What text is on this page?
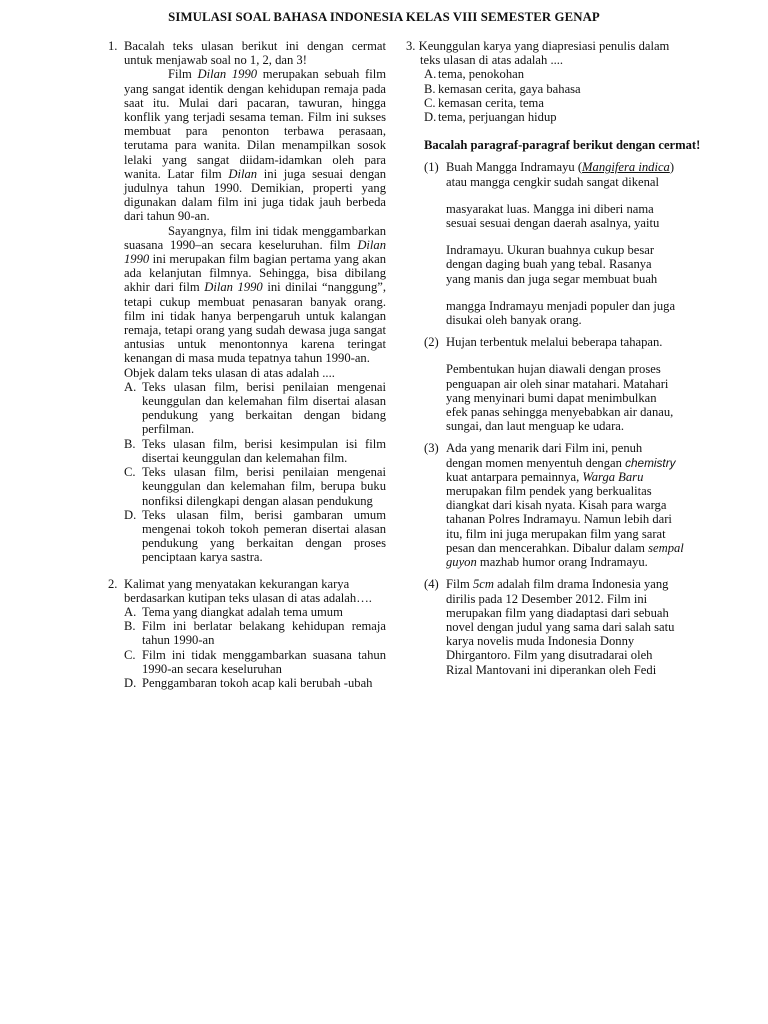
SIMULASI SOAL BAHASA INDONESIA KELAS VIII SEMESTER GENAP
1. Bacalah teks ulasan berikut ini dengan cermat untuk menjawab soal no 1, 2, dan 3!
Film Dilan 1990 merupakan sebuah film yang sangat identik dengan kehidupan remaja pada saat itu. Mulai dari pacaran, tawuran, hingga konflik yang terjadi sesama teman. Film ini sukses membuat para penonton terbawa perasaan, terutama para wanita. Dilan menampilkan sosok lelaki yang sangat diidam-idamkan oleh para wanita. Latar film Dilan ini juga sesuai dengan judulnya tahun 1990. Demikian, properti yang digunakan dalam film ini juga tidak jauh berbeda dari tahun 90-an.
Sayangnya, film ini tidak menggambarkan suasana 1990–an secara keseluruhan. film Dilan 1990 ini merupakan film bagian pertama yang akan ada kelanjutan filmnya. Sehingga, bisa dibilang akhir dari film Dilan 1990 ini dinilai “nanggung”, tetapi cukup membuat penasaran banyak orang. film ini tidak hanya berpengaruh untuk kalangan remaja, tetapi orang yang sudah dewasa juga sangat antusias untuk menontonnya karena teringat kenangan di masa muda tepatnya tahun 1990-an.
Objek dalam teks ulasan di atas adalah ....
A. Teks ulasan film, berisi penilaian mengenai keunggulan dan kelemahan film disertai alasan pendukung yang berkaitan dengan bidang perfilman.
B. Teks ulasan film, berisi kesimpulan isi film disertai keunggulan dan kelemahan film.
C. Teks ulasan film, berisi penilaian mengenai keunggulan dan kelemahan film, berupa buku nonfiksi dilengkapi dengan alasan pendukung
D. Teks ulasan film, berisi gambaran umum mengenai tokoh tokoh pemeran disertai alasan pendukung yang berkaitan dengan proses penciptaan karya sastra.
2. Kalimat yang menyatakan kekurangan karya berdasarkan kutipan teks ulasan di atas adalah….
A. Tema yang diangkat adalah tema umum
B. Film ini berlatar belakang kehidupan remaja tahun 1990-an
C. Film ini tidak menggambarkan suasana tahun 1990-an secara keseluruhan
D. Penggambaran tokoh acap kali berubah -ubah
3. Keunggulan karya yang diapresiasi penulis dalam
teks ulasan di atas adalah ....
A. tema, penokohan
B. kemasan cerita, gaya bahasa
C. kemasan cerita, tema
D. tema, perjuangan hidup
Bacalah paragraf-paragraf berikut dengan cermat!
(1) Buah Mangga Indramayu (Mangifera indica)
atau mangga cengkir sudah sangat dikenal
masyarakat luas. Mangga ini diberi nama
sesuai sesuai dengan daerah asalnya, yaitu
Indramayu. Ukuran buahnya cukup besar
dengan daging buah yang tebal. Rasanya
yang manis dan juga segar membuat buah
mangga Indramayu menjadi populer dan juga
disukai oleh banyak orang.
(2) Hujan terbentuk melalui beberapa tahapan.
Pembentukan hujan diawali dengan proses
penguapan air oleh sinar matahari. Matahari
yang menyinari bumi dapat menimbulkan
efek panas sehingga menyebabkan air danau,
sungai, dan laut menguap ke udara.
(3) Ada yang menarik dari Film ini, penuh
dengan momen menyentuh dengan chemistry
kuat antarpara pemainnya, Warga Baru
merupakan film pendek yang berkualitas
diangkat dari kisah nyata. Kisah para warga
tahanan Polres Indramayu. Namun lebih dari
itu, film ini juga merupakan film yang sarat
pesan dan mencerahkan. Dibalur dalam sempal
guyon mazhab humor orang Indramayu.
(4) Film 5cm adalah film drama Indonesia yang
dirilis pada 12 Desember 2012. Film ini
merupakan film yang diadaptasi dari sebuah
novel dengan judul yang sama dari salah satu
karya novelis muda Indonesia Donny
Dhirgantoro. Film yang disutradarai oleh
Rizal Mantovani ini diperankan oleh Fedi
